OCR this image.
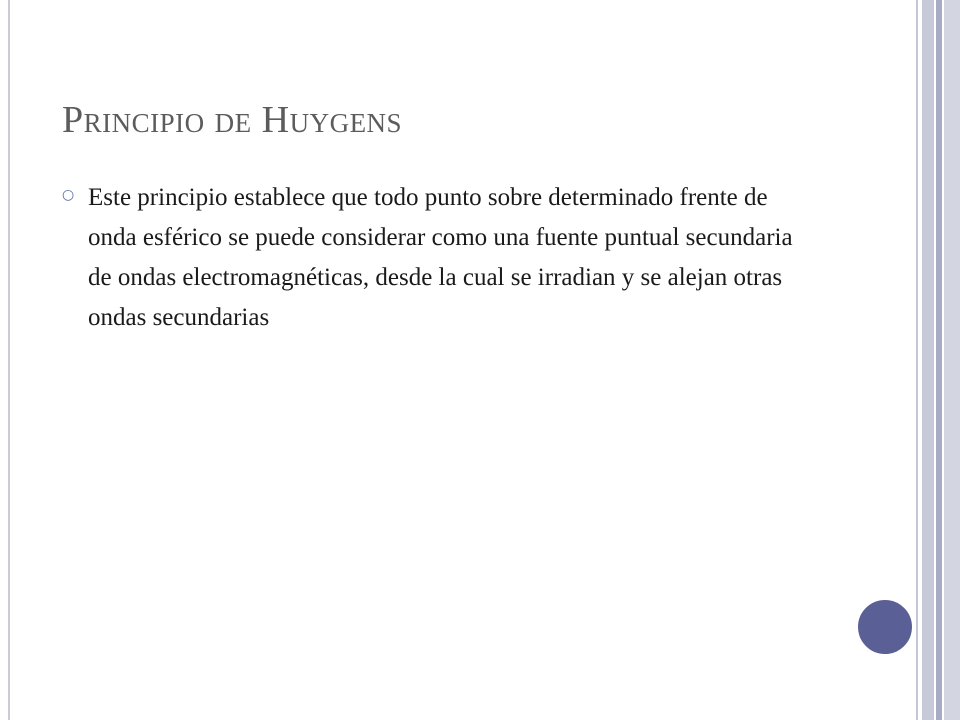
Principio de Huygens
○ Este principio establece que todo punto sobre determinado frente de onda esférico se puede considerar como una fuente puntual secundaria de ondas electromagnéticas, desde la cual se irradian y se alejan otras ondas secundarias
